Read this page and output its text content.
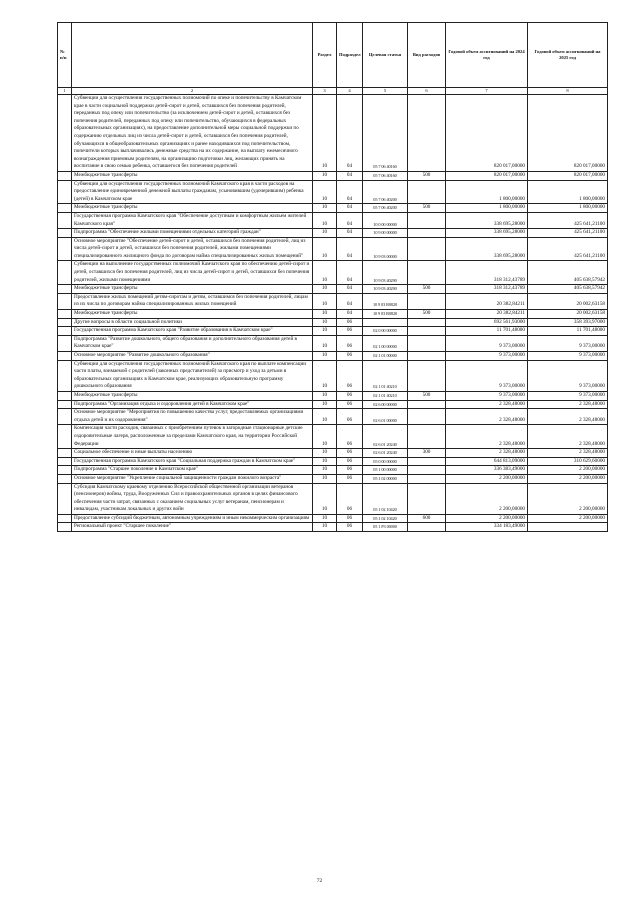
№ п/п		Раздел	Подраздел	Целевая статья	Вид расходов	Годовой объем ассигнований на 2024 год	Годовой объем ассигнований на 2025 год
1	2	3	4	5	6	7	8
	Субвенции для осуществления государственных полномочий по опеке и попечительству в Камчатском крае в части социальной поддержки детей-сирот и детей, оставшихся без попечения родителей, переданных под опеку или попечительство (за исключением детей-сирот и детей, оставшихся без попечения родителей, переданных под опеку или попечительство, обучающихся в федеральных образовательных организациях), на предоставление дополнительной меры социальной поддержки по содержанию отдельных лиц из числа детей-сирот и детей, оставшихся без попечения родителей, обучающихся в общеобразовательных организациях и ранее находившихся под попечительством, попечители которых выплачивались денежные средства на их содержание, на выплату ежемесячного вознаграждения приемным родителям, на организацию подготовки лиц, желающих принять на воспитание в свою семью ребенка, оставшегося без попечения родителей	10	04	05 7 06 40160		820 017,00000	820 017,00000
	Межбюджетные трансферты	10	04	05 7 06 40160	500	820 017,00000	820 017,00000
	Субвенции для осуществления государственных полномочий Камчатского края в части расходов на предоставление единовременной денежной выплаты гражданам, усыновившим (удочерившим) ребенка (детей) в Камчатском крае	10	04	05 7 06 40200		1 800,00000	1 800,00000
	Межбюджетные трансферты	10	04	05 7 06 40200	500	1 800,00000	1 800,00000
	Государственная программа Камчатского края "Обеспечение доступным и комфортным жильем жителей Камчатского края"	10	04	10 0 00 00000		338 695,28000	425 641,21100
	Подпрограмма "Обеспечение жилыми помещениями отдельных категорий граждан"	10	04	10 9 00 00000		338 695,28000	425 641,21100
	Основное мероприятие "Обеспечение детей-сирот и детей, оставшихся без попечения родителей, лиц из числа детей-сирот и детей, оставшихся без попечения родителей, жилыми помещениями специализированного жилищного фонда по договорам найма специализированных жилых помещений"	10	04	10 9 03 00000		338 695,28000	425 641,21100
	Субвенции на выполнение государственных полномочий Камчатского края по обеспечению детей-сирот и детей, оставшихся без попечения родителей, лиц из числа детей-сирот и детей, оставшихся без попечения родителей, жилыми помещениями	10	04	10 9 03 40290		318 312,43789	405 638,57942
	Межбюджетные трансферты	10	04	10 9 03 40290	500	318 312,43789	405 638,57942
	Предоставление жилых помещений детям-сиротам и детям, оставшимся без попечения родителей, лицам из их числа по договорам найма специализированных жилых помещений	10	04	10 9 03 R0820		20 382,84211	20 002,63158
	Межбюджетные трансферты	10	04	10 9 03 R0820	500	20 382,84211	20 002,63158
	Другие вопросы в области социальной политики	10	06			692 561,93000	358 393,97000
	Государственная программа Камчатского края "Развитие образования в Камчатском крае"	10	06	02 0 00 00000		11 701,48000	11 701,48000
	Подпрограмма "Развитие дошкольного, общего образования и дополнительного образования детей в Камчатском крае"	10	06	02 1 00 00000		9 373,00000	9 373,00000
	Основное мероприятие "Развитие дошкольного образования"	10	06	02 1 01 00000		9 373,00000	9 373,00000
	Субвенции для осуществления государственных полномочий Камчатского края по выплате компенсации части платы, взимаемой с родителей (законных представителей) за присмотр и уход за детьми в образовательных организациях в Камчатском крае, реализующих образовательную программу дошкольного образования	10	06	02 1 01 40210		9 373,00000	9 373,00000
	Межбюджетные трансферты	10	06	02 1 01 40210	500	9 373,00000	9 373,00000
	Подпрограмма "Организация отдыха и оздоровления детей в Камчатском крае"	10	06	02 6 00 00000		2 328,48000	2 328,48000
	Основное мероприятие "Мероприятия по повышению качества услуг, предоставляемых организациями отдыха детей и их оздоровления"	10	06	02 6 01 00000		2 328,48000	2 328,48000
	Компенсация части расходов, связанных с приобретением путевок в загородные стационарные детские оздоровительные лагеря, расположенные за пределами Камчатского края, на территории Российской Федерации	10	06	02 6 01 20240		2 328,48000	2 328,48000
	Социальное обеспечение и иные выплаты населению	10	06	02 6 01 20240	300	2 328,48000	2 328,48000
	Государственная программа Камчатского края "Социальная поддержка граждан в Камчатском крае"	10	06	05 0 00 00000		644 813,09000	310 629,60000
	Подпрограмма "Старшее поколение в Камчатском крае"	10	06	05 1 00 00000		336 383,49000	2 200,00000
	Основное мероприятие "Укрепление социальной защищенности граждан пожилого возраста"	10	06	05 1 02 00000		2 200,00000	2 200,00000
	Субсидия Камчатскому краевому отделению Всероссийской общественной организации ветеранов (пенсионеров) войны, труда, Вооруженных Сил и правоохранительных органов в целях финансового обеспечения части затрат, связанных с оказанием социальных услуг ветеранам, пенсионерам и инвалидам, участникам локальных и других войн	10	06	05 1 02 10420		2 200,00000	2 200,00000
	Предоставление субсидий бюджетным, автономным учреждениям и иным некоммерческим организациям	10	06	05 1 02 10420	600	2 200,00000	2 200,00000
	Региональный проект "Старшее поколение"	10	06	05 1 P3 00000		334 183,49000	
72
